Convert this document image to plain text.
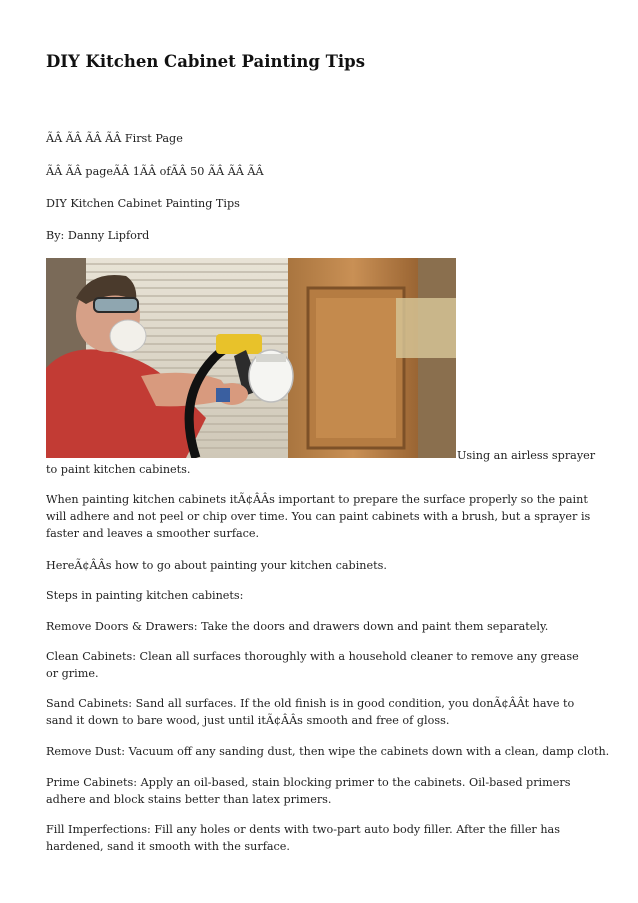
DIY Kitchen Cabinet Painting Tips

ÃÂ ÃÂ ÃÂ ÃÂ First Page

ÃÂ ÃÂ pageÃÂ 1ÃÂ ofÃÂ 50 ÃÂ ÃÂ ÃÂ

DIY Kitchen Cabinet Painting Tips

By: Danny Lipford

Using an airless sprayer
to paint kitchen cabinets.

When painting kitchen cabinets itÃ¢ÂÂs important to prepare the surface properly so the paint will adhere and not peel or chip over time. You can paint cabinets with a brush, but a sprayer is faster and leaves a smoother surface.

HereÃ¢ÂÂs how to go about painting your kitchen cabinets.

Steps in painting kitchen cabinets:

Remove Doors & Drawers: Take the doors and drawers down and paint them separately.

Clean Cabinets: Clean all surfaces thoroughly with a household cleaner to remove any grease or grime.

Sand Cabinets: Sand all surfaces. If the old finish is in good condition, you donÃ¢ÂÂt have to sand it down to bare wood, just until itÃ¢ÂÂs smooth and free of gloss.

Remove Dust: Vacuum off any sanding dust, then wipe the cabinets down with a clean, damp cloth.

Prime Cabinets: Apply an oil-based, stain blocking primer to the cabinets. Oil-based primers adhere and block stains better than latex primers.

Fill Imperfections: Fill any holes or dents with two-part auto body filler. After the filler has hardened, sand it smooth with the surface.
